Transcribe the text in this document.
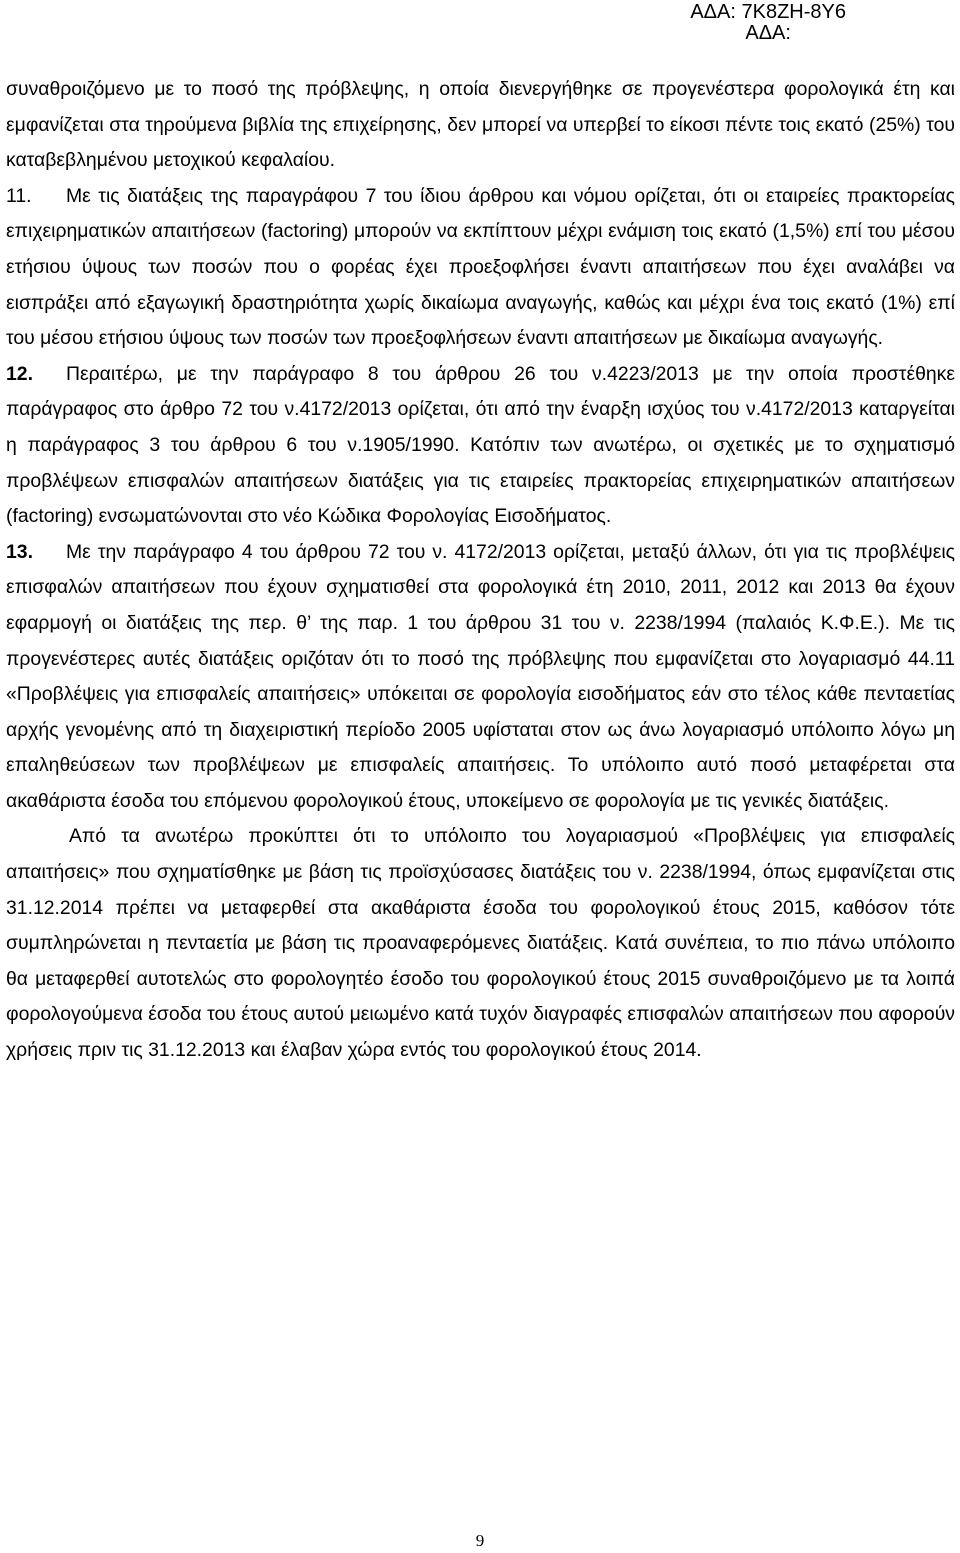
ΑΔΑ: 7Κ8ΖΗ-8Υ6
ΑΔΑ:

συναθροιζόμενο με το ποσό της πρόβλεψης, η οποία διενεργήθηκε σε προγενέστερα φορολογικά έτη και εμφανίζεται στα τηρούμενα βιβλία της επιχείρησης, δεν μπορεί να υπερβεί το είκοσι πέντε τοις εκατό (25%) του καταβεβλημένου μετοχικού κεφαλαίου.

11. Με τις διατάξεις της παραγράφου 7 του ίδιου άρθρου και νόμου ορίζεται, ότι οι εταιρείες πρακτορείας επιχειρηματικών απαιτήσεων (factoring) μπορούν να εκπίπτουν μέχρι ενάμιση τοις εκατό (1,5%) επί του μέσου ετήσιου ύψους των ποσών που ο φορέας έχει προεξοφλήσει έναντι απαιτήσεων που έχει αναλάβει να εισπράξει από εξαγωγική δραστηριότητα χωρίς δικαίωμα αναγωγής, καθώς και μέχρι ένα τοις εκατό (1%) επί του μέσου ετήσιου ύψους των ποσών των προεξοφλήσεων έναντι απαιτήσεων με δικαίωμα αναγωγής.

12. Περαιτέρω, με την παράγραφο 8 του άρθρου 26 του ν.4223/2013 με την οποία προστέθηκε παράγραφος στο άρθρο 72 του ν.4172/2013 ορίζεται, ότι από την έναρξη ισχύος του ν.4172/2013 καταργείται η παράγραφος 3 του άρθρου 6 του ν.1905/1990. Κατόπιν των ανωτέρω, οι σχετικές με το σχηματισμό προβλέψεων επισφαλών απαιτήσεων διατάξεις για τις εταιρείες πρακτορείας επιχειρηματικών απαιτήσεων (factoring) ενσωματώνονται στο νέο Κώδικα Φορολογίας Εισοδήματος.

13. Με την παράγραφο 4 του άρθρου 72 του ν. 4172/2013 ορίζεται, μεταξύ άλλων, ότι για τις προβλέψεις επισφαλών απαιτήσεων που έχουν σχηματισθεί στα φορολογικά έτη 2010, 2011, 2012 και 2013 θα έχουν εφαρμογή οι διατάξεις της περ. θ’ της παρ. 1 του άρθρου 31 του ν. 2238/1994 (παλαιός Κ.Φ.Ε.). Με τις προγενέστερες αυτές διατάξεις οριζόταν ότι το ποσό της πρόβλεψης που εμφανίζεται στο λογαριασμό 44.11 «Προβλέψεις για επισφαλείς απαιτήσεις» υπόκειται σε φορολογία εισοδήματος εάν στο τέλος κάθε πενταετίας αρχής γενομένης από τη διαχειριστική περίοδο 2005 υφίσταται στον ως άνω λογαριασμό υπόλοιπο λόγω μη επαληθεύσεων των προβλέψεων με επισφαλείς απαιτήσεις. Το υπόλοιπο αυτό ποσό μεταφέρεται στα ακαθάριστα έσοδα του επόμενου φορολογικού έτους, υποκείμενο σε φορολογία με τις γενικές διατάξεις.

Από τα ανωτέρω προκύπτει ότι το υπόλοιπο του λογαριασμού «Προβλέψεις για επισφαλείς απαιτήσεις» που σχηματίσθηκε με βάση τις προϊσχύσασες διατάξεις του ν. 2238/1994, όπως εμφανίζεται στις 31.12.2014 πρέπει να μεταφερθεί στα ακαθάριστα έσοδα του φορολογικού έτους 2015, καθόσον τότε συμπληρώνεται η πενταετία με βάση τις προαναφερόμενες διατάξεις. Κατά συνέπεια, το πιο πάνω υπόλοιπο θα μεταφερθεί αυτοτελώς στο φορολογητέο έσοδο του φορολογικού έτους 2015 συναθροιζόμενο με τα λοιπά φορολογούμενα έσοδα του έτους αυτού μειωμένο κατά τυχόν διαγραφές επισφαλών απαιτήσεων που αφορούν χρήσεις πριν τις 31.12.2013 και έλαβαν χώρα εντός του φορολογικού έτους 2014.

9
